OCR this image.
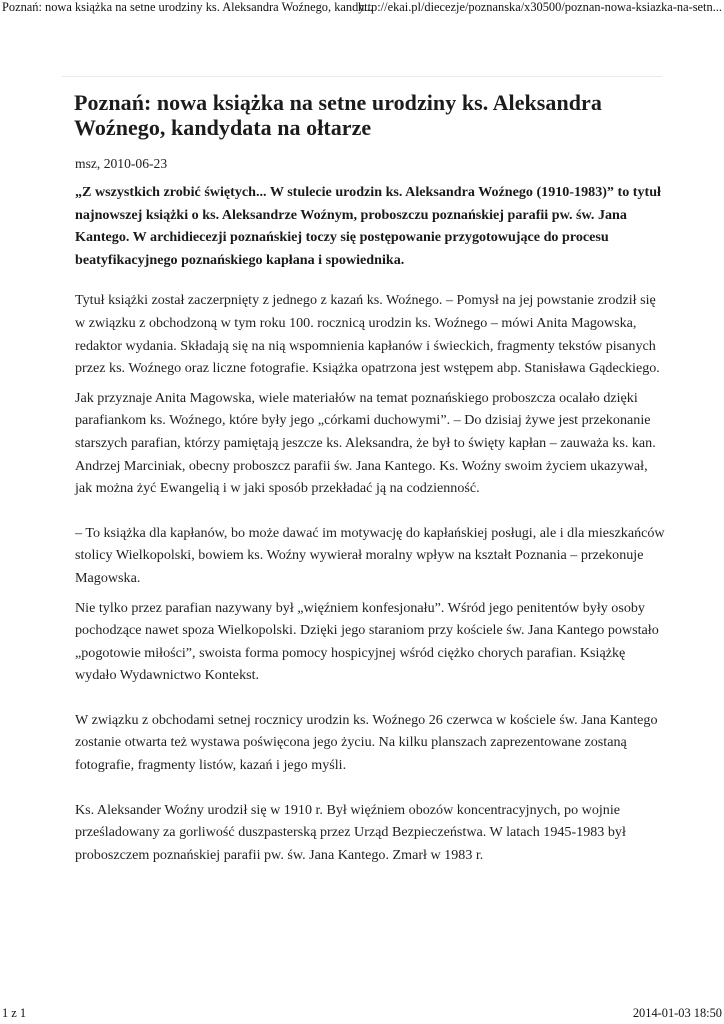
Poznań: nowa książka na setne urodziny ks. Aleksandra Woźnego, kandy...
http://ekai.pl/diecezje/poznanska/x30500/poznan-nowa-ksiazka-na-setn...
Poznań: nowa książka na setne urodziny ks. Aleksandra Woźnego, kandydata na ołtarze
msz, 2010-06-23
„Z wszystkich zrobić świętych... W stulecie urodzin ks. Aleksandra Woźnego (1910-1983)” to tytuł najnowszej książki o ks. Aleksandrze Woźnym, proboszczu poznańskiej parafii pw. św. Jana Kantego. W archidiecezji poznańskiej toczy się postępowanie przygotowujące do procesu beatyfikacyjnego poznańskiego kapłana i spowiednika.

Tytuł książki został zaczerpnięty z jednego z kazań ks. Woźnego. – Pomysł na jej powstanie zrodził się w związku z obchodzoną w tym roku 100. rocznicą urodzin ks. Woźnego – mówi Anita Magowska, redaktor wydania. Składają się na nią wspomnienia kapłanów i świeckich, fragmenty tekstów pisanych przez ks. Woźnego oraz liczne fotografie. Książka opatrzona jest wstępem abp. Stanisława Gądeckiego.

Jak przyznaje Anita Magowska, wiele materiałów na temat poznańskiego proboszcza ocalało dzięki parafiankom ks. Woźnego, które były jego „córkami duchowymi”. – Do dzisiaj żywe jest przekonanie starszych parafian, którzy pamiętają jeszcze ks. Aleksandra, że był to święty kapłan – zauważa ks. kan. Andrzej Marciniak, obecny proboszcz parafii św. Jana Kantego. Ks. Woźny swoim życiem ukazywał, jak można żyć Ewangelią i w jaki sposób przekładać ją na codzienność.

– To książka dla kapłanów, bo może dawać im motywację do kapłańskiej posługi, ale i dla mieszkańców stolicy Wielkopolski, bowiem ks. Woźny wywierał moralny wpływ na kształt Poznania – przekonuje Magowska.

Nie tylko przez parafian nazywany był „więźniem konfesjonału”. Wśród jego penitentów były osoby pochodzące nawet spoza Wielkopolski. Dzięki jego staraniom przy kościele św. Jana Kantego powstało „pogotowie miłości”, swoista forma pomocy hospicyjnej wśród ciężko chorych parafian. Książkę wydało Wydawnictwo Kontekst.

W związku z obchodami setnej rocznicy urodzin ks. Woźnego 26 czerwca w kościele św. Jana Kantego zostanie otwarta też wystawa poświęcona jego życiu. Na kilku planszach zaprezentowane zostaną fotografie, fragmenty listów, kazań i jego myśli.

Ks. Aleksander Woźny urodził się w 1910 r. Był więźniem obozów koncentracyjnych, po wojnie prześladowany za gorliwość duszpasterską przez Urząd Bezpieczeństwa. W latach 1945-1983 był proboszczem poznańskiej parafii pw. św. Jana Kantego. Zmarł w 1983 r.

1 z 1	2014-01-03 18:50
